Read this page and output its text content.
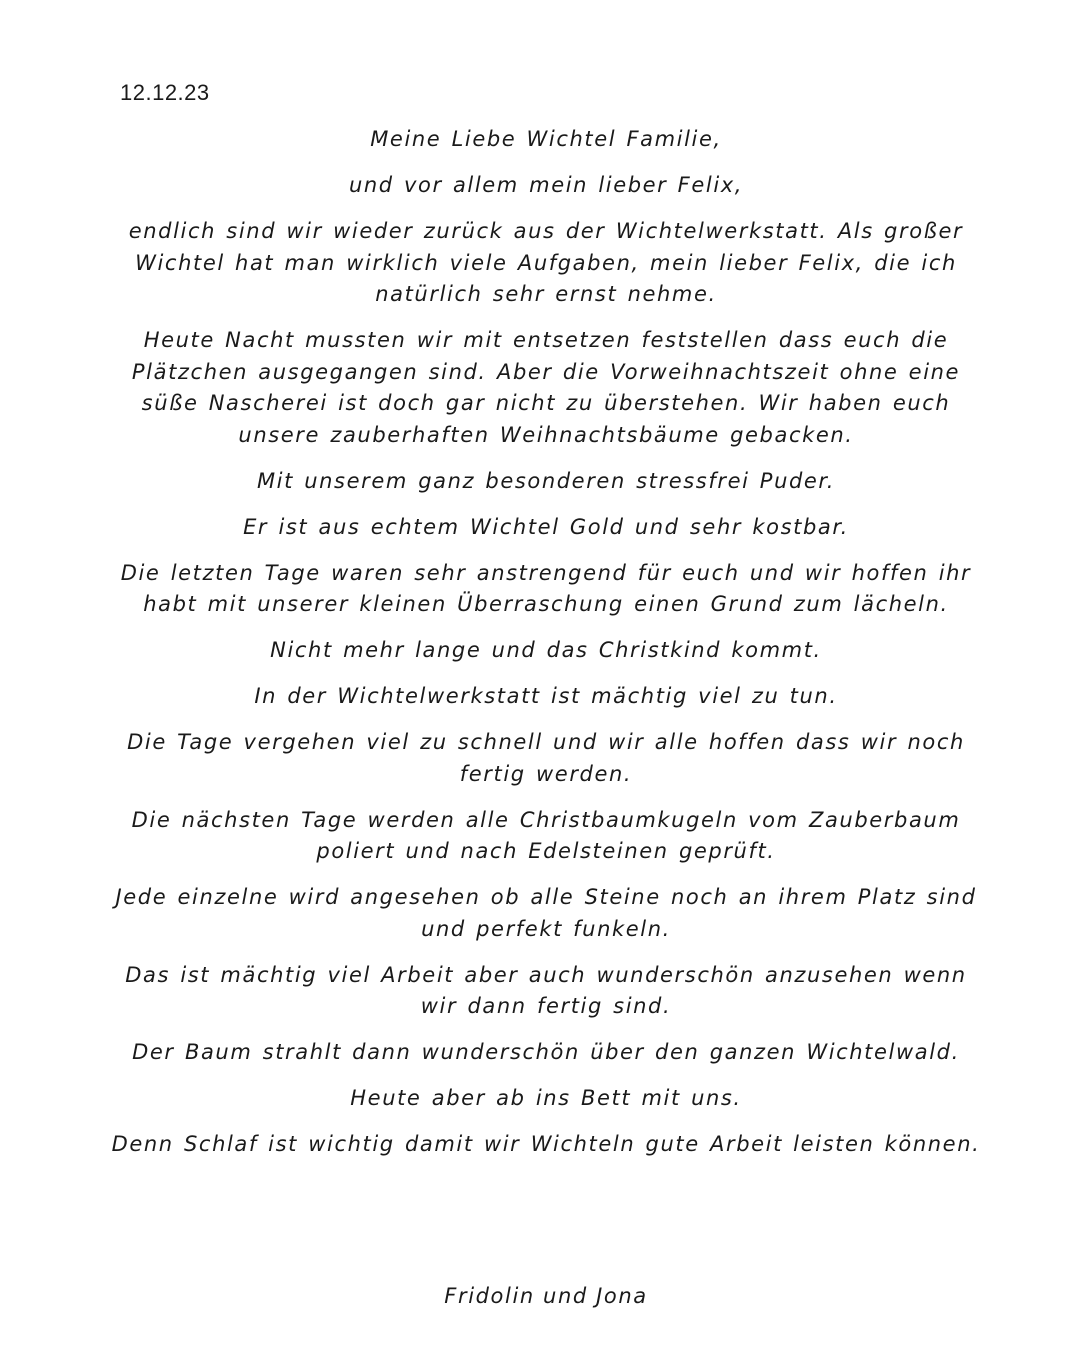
12.12.23

Meine Liebe Wichtel Familie,

und vor allem mein lieber Felix,

endlich sind wir wieder zurück aus der Wichtelwerkstatt. Als großer Wichtel hat man wirklich viele Aufgaben, mein lieber Felix, die ich natürlich sehr ernst nehme.

Heute Nacht mussten wir mit entsetzen feststellen dass euch die Plätzchen ausgegangen sind. Aber die Vorweihnachtszeit ohne eine süße Nascherei ist doch gar nicht zu überstehen. Wir haben euch unsere zauberhaften Weihnachtsbäume gebacken.

Mit unserem ganz besonderen stressfrei Puder.

Er ist aus echtem Wichtel Gold und sehr kostbar.

Die letzten Tage waren sehr anstrengend für euch und wir hoffen ihr habt mit unserer kleinen Überraschung einen Grund zum lächeln.

Nicht mehr lange und das Christkind kommt.

In der Wichtelwerkstatt ist mächtig viel zu tun.

Die Tage vergehen viel zu schnell und wir alle hoffen dass wir noch fertig werden.

Die nächsten Tage werden alle Christbaumkugeln vom Zauberbaum poliert und nach Edelsteinen geprüft.

Jede einzelne wird angesehen ob alle Steine noch an ihrem Platz sind und perfekt funkeln.

Das ist mächtig viel Arbeit aber auch wunderschön anzusehen wenn wir dann fertig sind.

Der Baum strahlt dann wunderschön über den ganzen Wichtelwald.

Heute aber ab ins Bett mit uns.

Denn Schlaf ist wichtig damit wir Wichteln gute Arbeit leisten können.

Fridolin und Jona
